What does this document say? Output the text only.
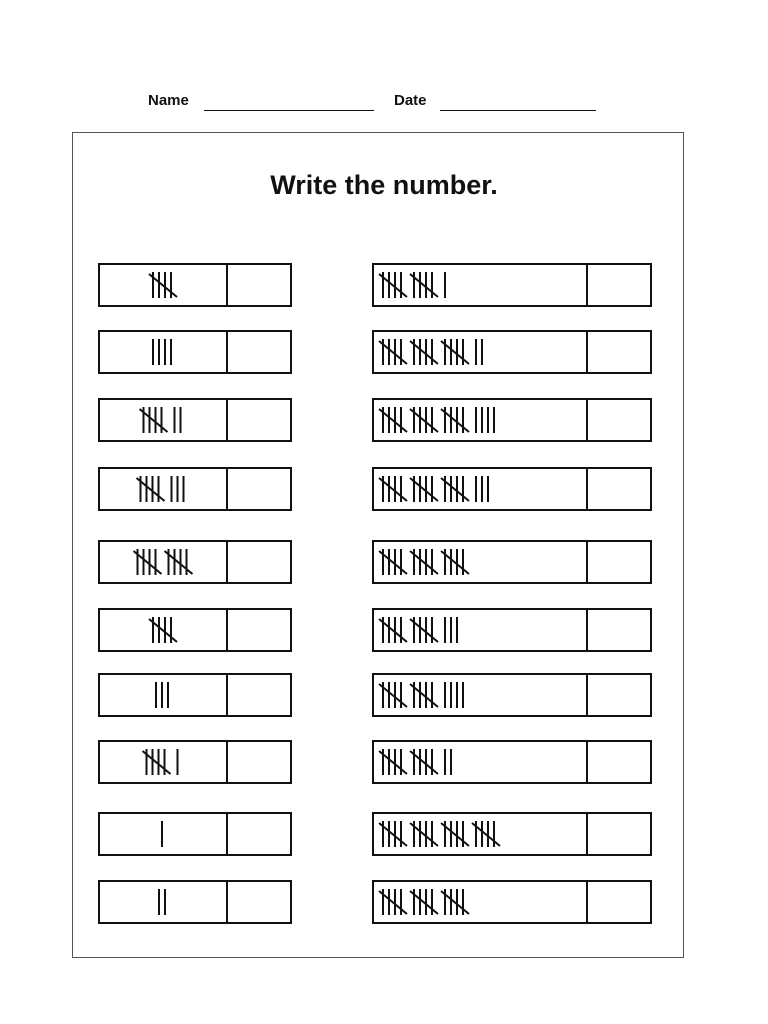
Name	Date
Write the number.
